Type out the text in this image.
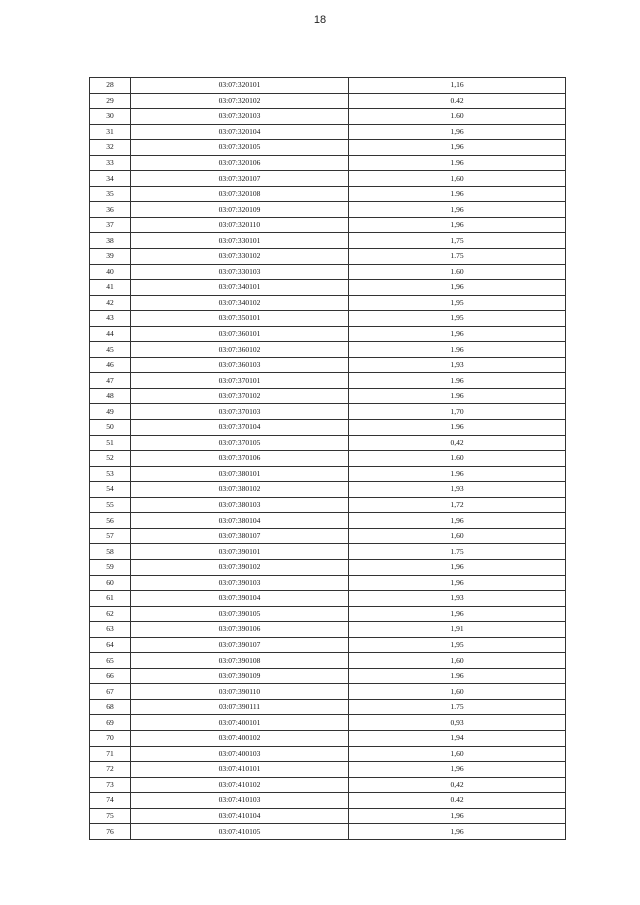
18
28	03:07:320101	1,16
29	03:07:320102	0.42
30	03:07:320103	1.60
31	03:07:320104	1,96
32	03:07:320105	1,96
33	03:07:320106	1.96
34	03:07:320107	1,60
35	03:07:320108	1.96
36	03:07:320109	1,96
37	03:07:320110	1,96
38	03:07:330101	1,75
39	03:07:330102	1.75
40	03:07:330103	1.60
41	03:07:340101	1,96
42	03:07:340102	1,95
43	03:07:350101	1,95
44	03:07:360101	1,96
45	03:07:360102	1.96
46	03:07:360103	1,93
47	03:07:370101	1.96
48	03:07:370102	1.96
49	03:07:370103	1,70
50	03:07:370104	1.96
51	03:07:370105	0,42
52	03:07:370106	1.60
53	03:07:380101	1.96
54	03:07:380102	1,93
55	03:07:380103	1,72
56	03:07:380104	1,96
57	03:07:380107	1,60
58	03:07:390101	1.75
59	03:07:390102	1,96
60	03:07:390103	1,96
61	03:07:390104	1,93
62	03:07:390105	1,96
63	03:07:390106	1,91
64	03:07:390107	1,95
65	03:07:390108	1,60
66	03:07:390109	1.96
67	03:07:390110	1,60
68	03:07:390111	1.75
69	03:07:400101	0,93
70	03:07:400102	1,94
71	03:07:400103	1,60
72	03:07:410101	1,96
73	03:07:410102	0,42
74	03:07:410103	0.42
75	03:07:410104	1,96
76	03:07:410105	1,96
